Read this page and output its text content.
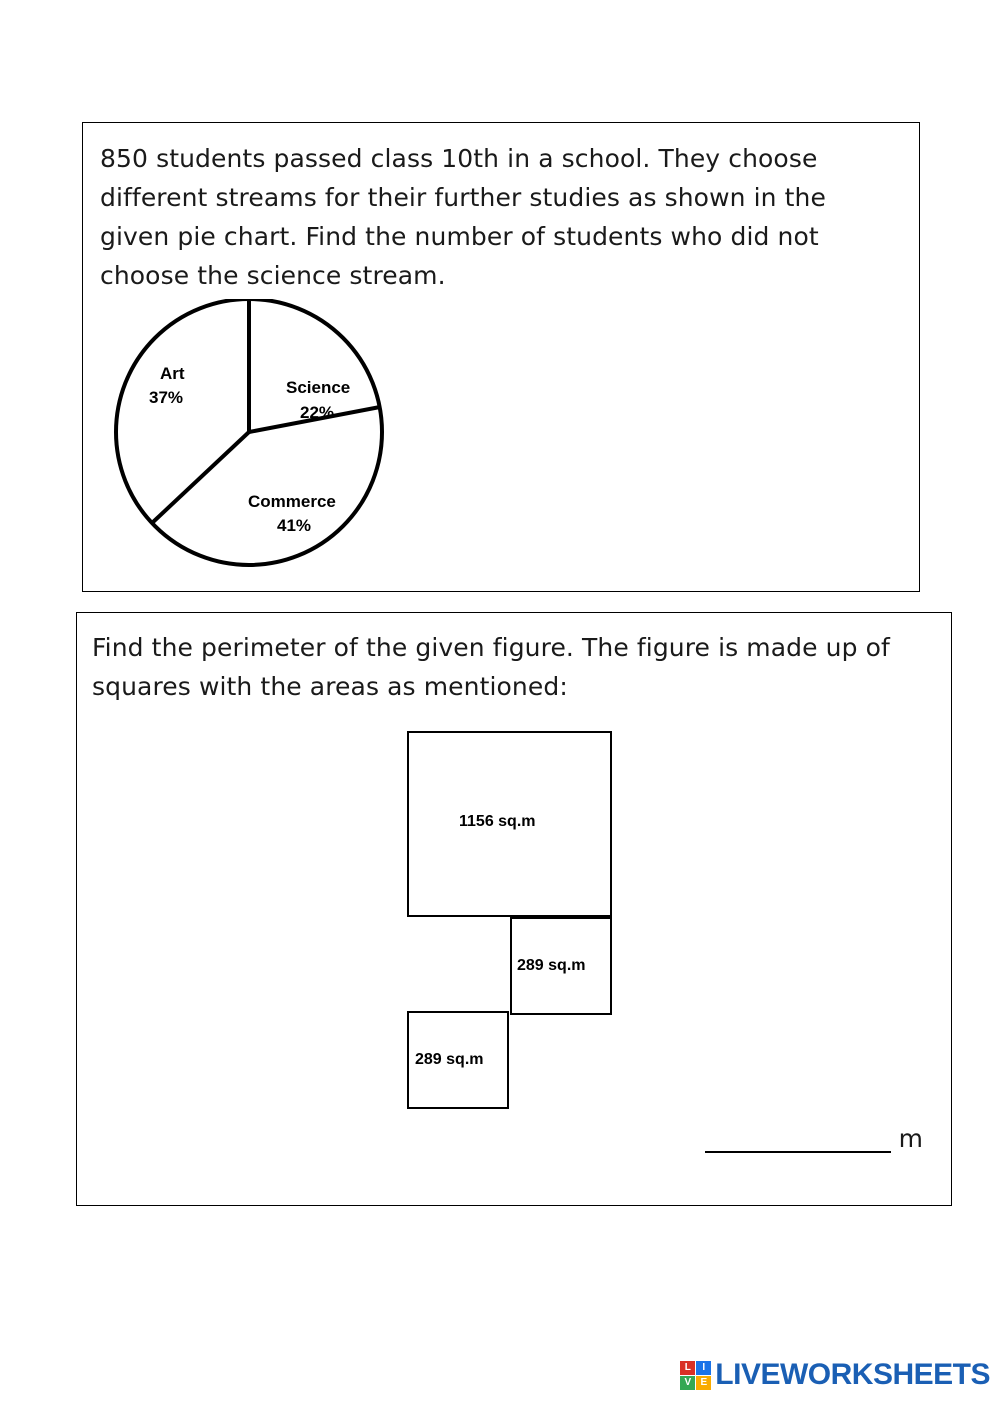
850 students passed class 10th in a school. They choose different streams for their further studies as shown in the given pie chart. Find the number of students who did not choose the science stream.
Science
22%
Commerce
41%
Art
37%
Find the perimeter of the given figure. The figure is made up of squares with the areas as mentioned:
1156 sq.m
289 sq.m
289 sq.m
m
L	I
V E LIVEWORKSHEETS
